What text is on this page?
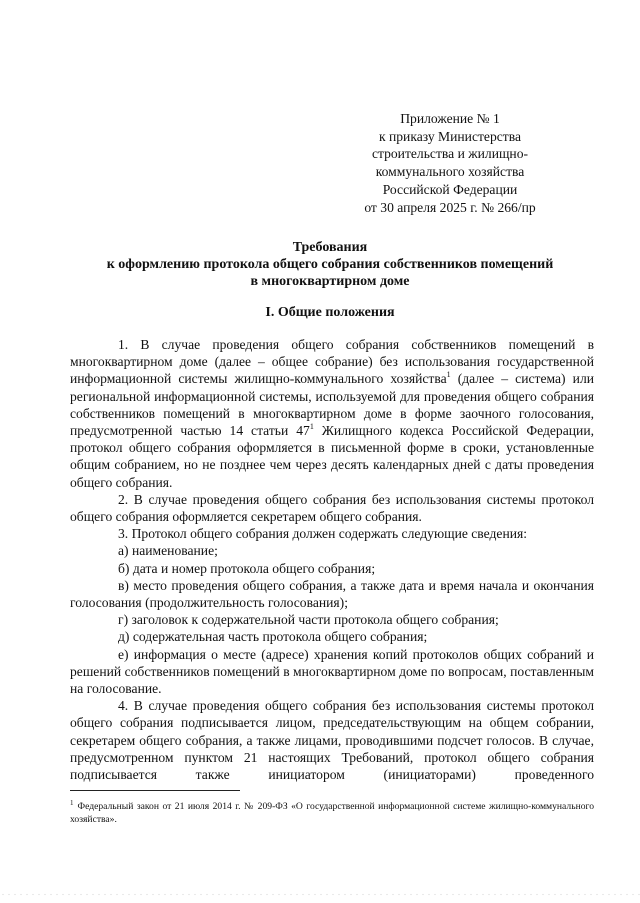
Приложение № 1
к приказу Министерства
строительства и жилищно-
коммунального хозяйства
Российской Федерации
от 30 апреля 2025 г. № 266/пр
Требования
к оформлению протокола общего собрания собственников помещений
в многоквартирном доме
I. Общие положения

1. В случае проведения общего собрания собственников помещений в многоквартирном доме (далее – общее собрание) без использования государственной информационной системы жилищно-коммунального хозяйства$^1$ (далее – система) или региональной информационной системы, используемой для проведения общего собрания собственников помещений в многоквартирном доме в форме заочного голосования, предусмотренной частью 14 статьи 47$^1$ Жилищного кодекса Российской Федерации, протокол общего собрания оформляется в письменной форме в сроки, установленные общим собранием, но не позднее чем через десять календарных дней с даты проведения общего собрания.

2. В случае проведения общего собрания без использования системы протокол общего собрания оформляется секретарем общего собрания.

3. Протокол общего собрания должен содержать следующие сведения:

а) наименование;

б) дата и номер протокола общего собрания;

в) место проведения общего собрания, а также дата и время начала и окончания голосования (продолжительность голосования);

г) заголовок к содержательной части протокола общего собрания;

д) содержательная часть протокола общего собрания;

е) информация о месте (адресе) хранения копий протоколов общих собраний и решений собственников помещений в многоквартирном доме по вопросам, поставленным на голосование.

4. В случае проведения общего собрания без использования системы протокол общего собрания подписывается лицом, председательствующим на общем собрании, секретарем общего собрания, а также лицами, проводившими подсчет голосов. В случае, предусмотренном пунктом 21 настоящих Требований, протокол общего собрания подписывается также инициатором (инициаторами) проведенного

$^1$ Федеральный закон от 21 июля 2014 г. № 209-ФЗ «О государственной информационной системе жилищно-коммунального хозяйства».
